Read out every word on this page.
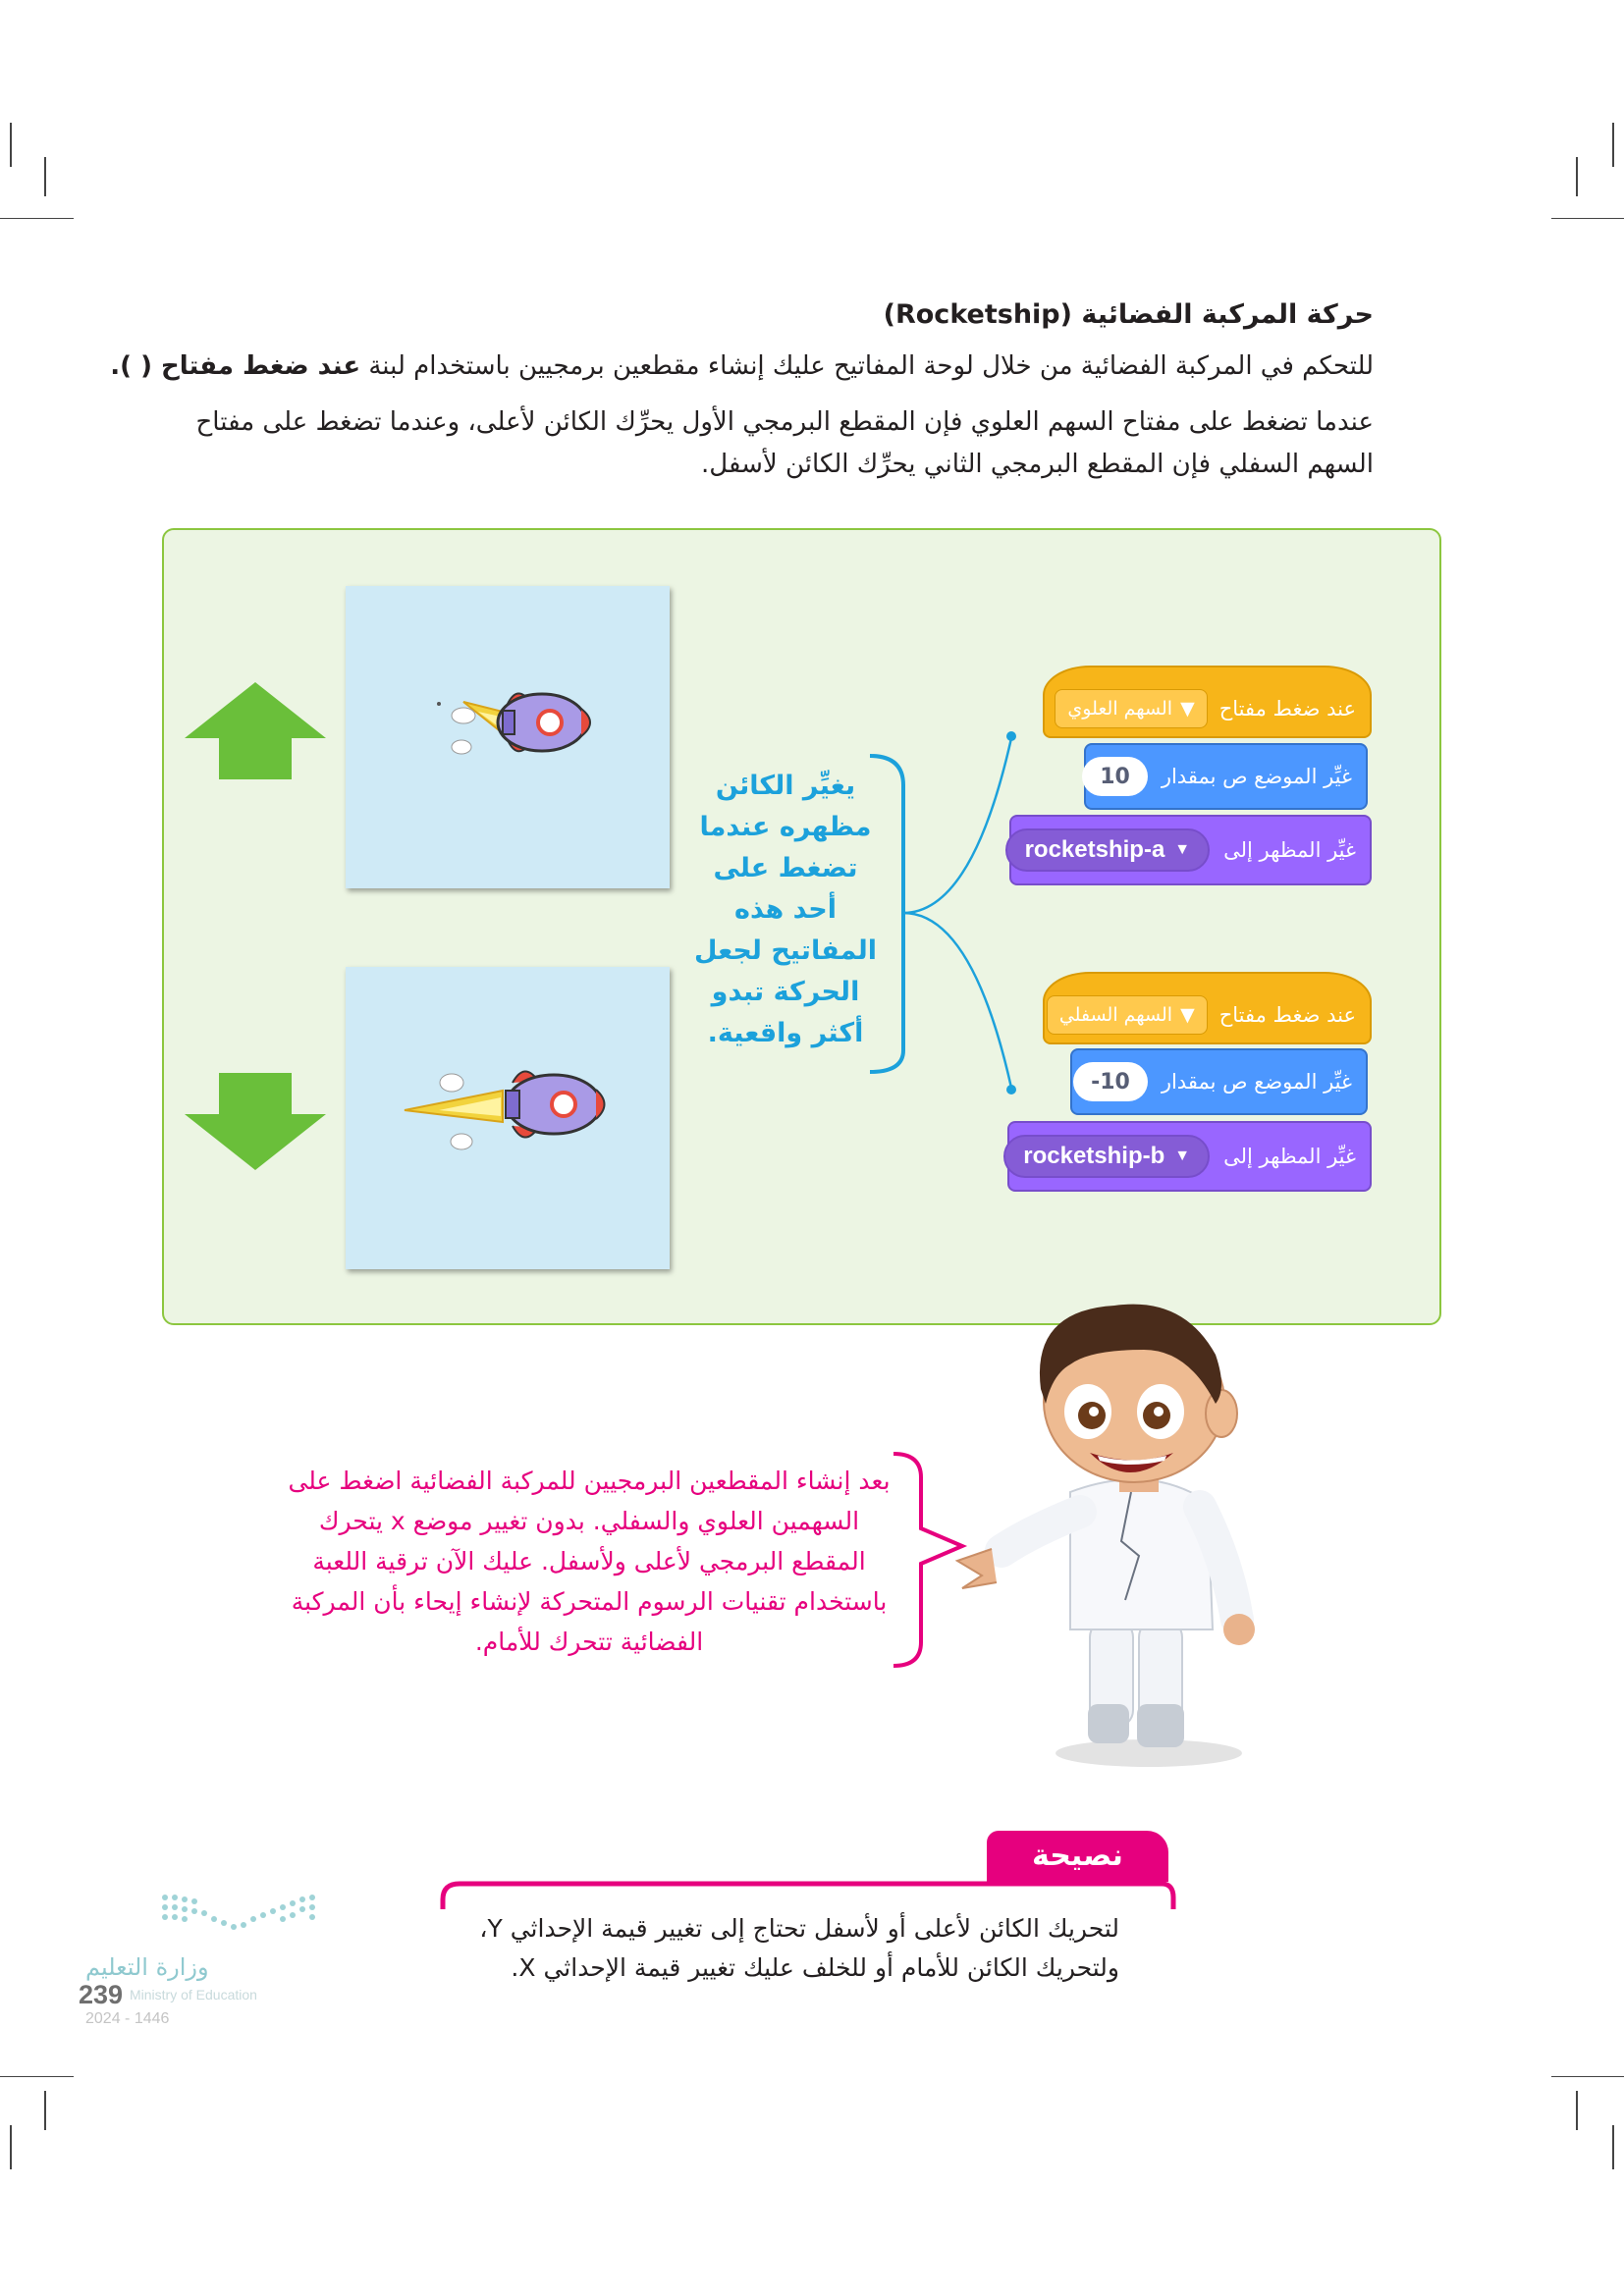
حركة المركبة الفضائية (Rocketship)
للتحكم في المركبة الفضائية من خلال لوحة المفاتيح عليك إنشاء مقطعين برمجيين باستخدام لبنة عند ضغط مفتاح ( ).
عندما تضغط على مفتاح السهم العلوي فإن المقطع البرمجي الأول يحرِّك الكائن لأعلى، وعندما تضغط على مفتاح
السهم السفلي فإن المقطع البرمجي الثاني يحرِّك الكائن لأسفل.
يغيِّر الكائن مظهره عندما تضغط على أحد هذه المفاتيح لجعل الحركة تبدو أكثر واقعية.
عند ضغط مفتاح
السهم العلوي ▼
غيِّر الموضع ص بمقدار
10
غيِّر المظهر إلى
rocketship-a ▼
عند ضغط مفتاح
السهم السفلي ▼
غيِّر الموضع ص بمقدار
-10
غيِّر المظهر إلى
rocketship-b ▼
بعد إنشاء المقطعين البرمجيين للمركبة الفضائية اضغط على السهمين العلوي والسفلي. بدون تغيير موضع x يتحرك المقطع البرمجي لأعلى ولأسفل. عليك الآن ترقية اللعبة باستخدام تقنيات الرسوم المتحركة لإنشاء إيحاء بأن المركبة الفضائية تتحرك للأمام.
نصيحة
لتحريك الكائن لأعلى أو لأسفل تحتاج إلى تغيير قيمة الإحداثي Y،
ولتحريك الكائن للأمام أو للخلف عليك تغيير قيمة الإحداثي X.
وزارة التعليم
239 Ministry of Education
2024 - 1446
